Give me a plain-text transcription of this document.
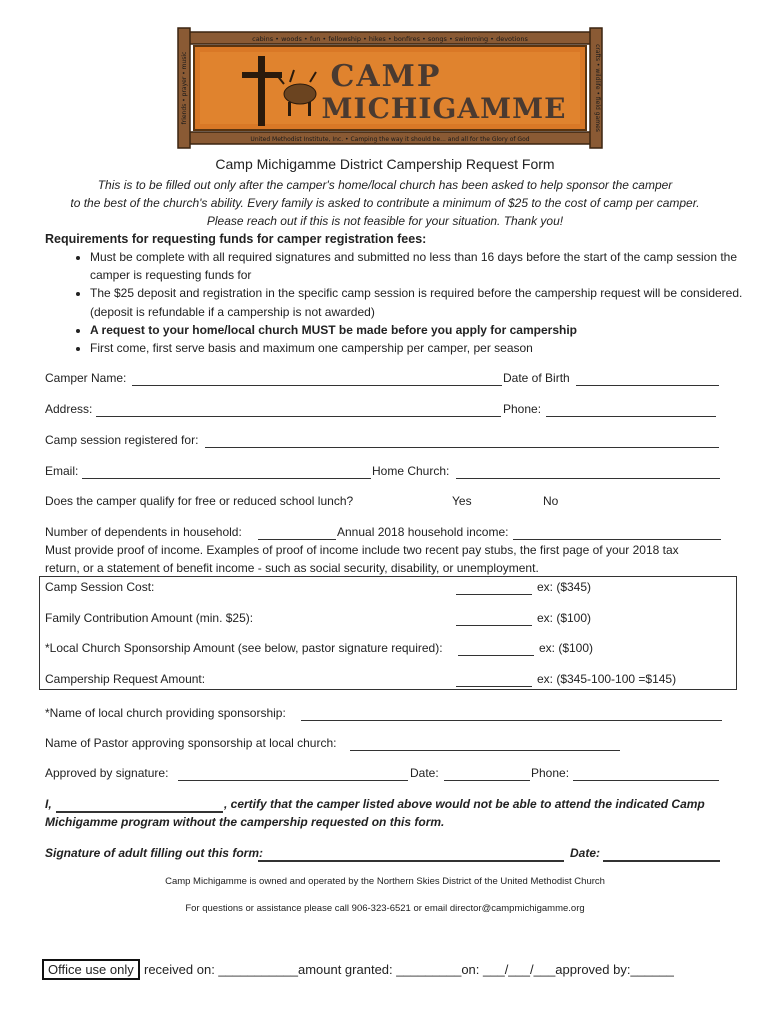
cabins • woods • fun • fellowship • hikes • bonfires • songs • swimming • devotions
United Methodist Institute, Inc. • Camping the way it should be... and all for the Glory of God
friends • prayer • music	crafts • wildlife • field games
CAMP
MICHIGAMME
Camp Michigamme District Campership Request Form
This is to be filled out only after the camper's home/local church has been asked to help sponsor the camper
to the best of the church's ability. Every family is asked to contribute a minimum of $25 to the cost of camp per camper.
Please reach out if this is not feasible for your situation. Thank you!
Requirements for requesting funds for camper registration fees:
• Must be complete with all required signatures and submitted no less than 16 days before the start of the camp session the camper is requesting funds for
• The $25 deposit and registration in the specific camp session is required before the campership request will be considered. (deposit is refundable if a campership is not awarded)
• A request to your home/local church MUST be made before you apply for campership
• First come, first serve basis and maximum one campership per camper, per season
Camper Name:	Date of Birth
Address:	Phone:
Camp session registered for:
Email:	Home Church:
Does the camper qualify for free or reduced school lunch?	Yes	No
Number of dependents in household:	Annual 2018 household income:
Must provide proof of income. Examples of proof of income include two recent pay stubs, the first page of your 2018 tax
return, or a statement of benefit income - such as social security, disability, or unemployment.
Camp Session Cost:	ex: ($345)
Family Contribution Amount (min. $25):	ex: ($100)
*Local Church Sponsorship Amount (see below, pastor signature required):	ex: ($100)
Campership Request Amount:	ex: ($345-100-100 =$145)
*Name of local church providing sponsorship:
Name of Pastor approving sponsorship at local church:
Approved by signature:	Date:	Phone:
I,	, certify that the camper listed above would not be able to attend the indicated Camp
Michigamme program without the campership requested on this form.
Signature of adult filling out this form:	Date:
Camp Michigamme is owned and operated by the Northern Skies District of the United Methodist Church
For questions or assistance please call 906-323-6521 or email director@campmichigamme.org
Office use only received on: ___________amount granted: _________on: ___/___/___approved by:______
